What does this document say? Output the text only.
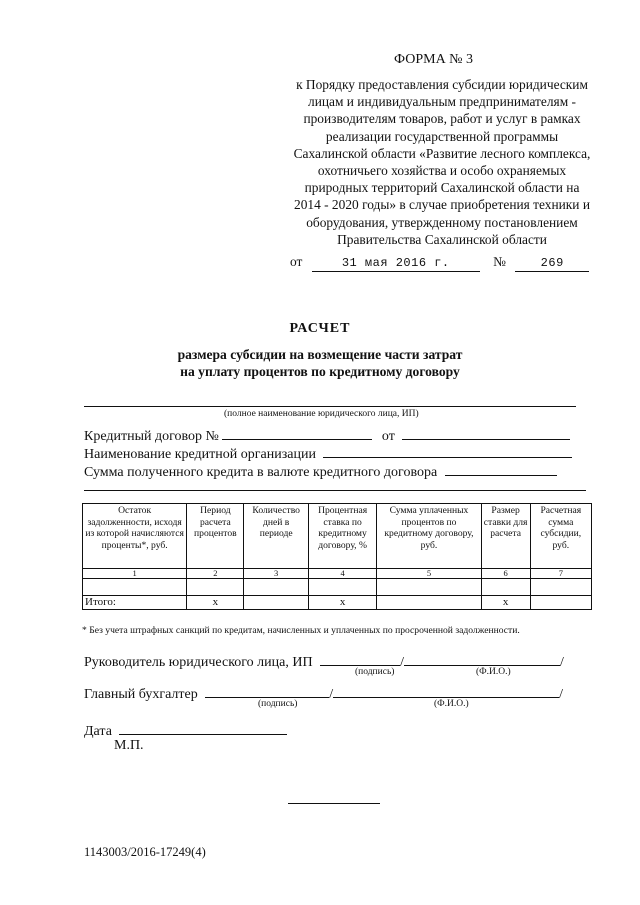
ФОРМА № 3
к Порядку предоставления субсидии юридическим
лицам и индивидуальным предпринимателям -
производителям товаров, работ и услуг в рамках
реализации государственной программы
Сахалинской области «Развитие лесного комплекса,
охотничьего хозяйства и особо охраняемых
природных территорий Сахалинской области на
2014 - 2020 годы» в случае приобретения техники и
оборудования, утвержденному постановлением
Правительства Сахалинской области
от	31 мая 2016 г.	№	269
РАСЧЕТ
размера субсидии на возмещение части затрат
на уплату процентов по кредитному договору
(полное наименование юридического лица, ИП)
Кредитный договор №	от
Наименование кредитной организации
Сумма полученного кредита в валюте кредитного договора
Остаток задолженности, исходя из которой начисляются проценты*, руб.	Период расчета процентов	Количество дней в периоде	Процентная ставка по кредитному договору, %	Сумма уплаченных процентов по кредитному договору, руб.	Размер ставки для расчета	Расчетная сумма субсидии, руб.
1	2	3	4	5	6	7

Итого:	х		х		х	
* Без учета штрафных санкций по кредитам, начисленных и уплаченных по просроченной задолженности.
Руководитель юридического лица, ИП	/	/
(подпись)	(Ф.И.О.)
Главный бухгалтер	/	/
(подпись)	(Ф.И.О.)
Дата
М.П.
1143003/2016-17249(4)
